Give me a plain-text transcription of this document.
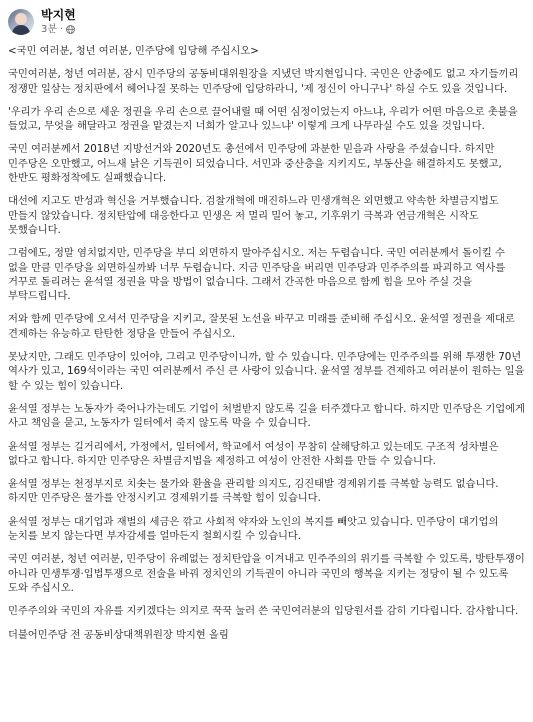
박지현
3분 ·

<국민 여러분, 청년 여러분, 민주당에 입당해 주십시오>

국민여러분, 청년 여러분, 잠시 민주당의 공동비대위원장을 지냈던 박지현입니다. 국민은 안중에도 없고 자기들끼리 정쟁만 일삼는 정치판에서 헤어나질 못하는 민주당에 입당하라니, '제 정신이 아니구나' 하실 수도 있을 것입니다.

'우리가 우리 손으로 세운 정권을 우리 손으로 끌어내릴 때 어떤 심정이었는지 아느냐, 우리가 어떤 마음으로 촛불을 들었고, 무엇을 해달라고 정권을 맡겼는지 너희가 알고나 있느냐' 이렇게 크게 나무라실 수도 있을 것입니다.

국민 여러분께서 2018년 지방선거와 2020년도 총선에서 민주당에 과분한 믿음과 사랑을 주셨습니다. 하지만 민주당은 오만했고, 어느새 낡은 기득권이 되었습니다. 서민과 중산층을 지키지도, 부동산을 해결하지도 못했고, 한반도 평화정착에도 실패했습니다.

대선에 지고도 반성과 혁신을 거부했습니다. 검찰개혁에 매진하느라 민생개혁은 외면했고 약속한 차별금지법도 만들지 않았습니다. 정치탄압에 대응한다고 민생은 저 멀리 밀어 놓고, 기후위기 극복과 연금개혁은 시작도 못했습니다.

그럼에도, 정말 염치없지만, 민주당을 부디 외면하지 말아주십시오. 저는 두렵습니다. 국민 여러분께서 돌이킬 수 없을 만큼 민주당을 외면하실까봐 너무 두렵습니다. 지금 민주당을 버리면 민주당과 민주주의를 파괴하고 역사를 거꾸로 돌리려는 윤석열 정권을 막을 방법이 없습니다. 그래서 간곡한 마음으로 함께 힘을 모아 주실 것을 부탁드립니다.

저와 함께 민주당에 오셔서 민주당을 지키고, 잘못된 노선을 바꾸고 미래를 준비해 주십시오. 윤석열 정권을 제대로 견제하는 유능하고 탄탄한 정당을 만들어 주십시오.

못났지만, 그래도 민주당이 있어야, 그리고 민주당이니까, 할 수 있습니다. 민주당에는 민주주의를 위해 투쟁한 70년 역사가 있고, 169석이라는 국민 여러분께서 주신 큰 사랑이 있습니다. 윤석열 정부를 견제하고 여러분이 원하는 일을 할 수 있는 힘이 있습니다.

윤석열 정부는 노동자가 죽어나가는데도 기업이 처벌받지 않도록 길을 터주겠다고 합니다. 하지만 민주당은 기업에게 사고 책임을 묻고, 노동자가 일터에서 죽지 않도록 막을 수 있습니다.

윤석열 정부는 길거리에서, 가정에서, 일터에서, 학교에서 여성이 무참히 살해당하고 있는데도 구조적 성차별은 없다고 합니다. 하지만 민주당은 차별금지법을 제정하고 여성이 안전한 사회를 만들 수 있습니다.

윤석열 정부는 천정부지로 치솟는 물가와 환율을 관리할 의지도, 김진태발 경제위기를 극복할 능력도 없습니다. 하지만 민주당은 물가를 안정시키고 경제위기를 극복할 힘이 있습니다.

윤석열 정부는 대기업과 재벌의 세금은 깎고 사회적 약자와 노인의 복지를 빼앗고 있습니다. 민주당이 대기업의 눈치를 보지 않는다면 부자감세를 얼마든지 철회시킬 수 있습니다.

국민 여러분, 청년 여러분, 민주당이 유례없는 정치탄압을 이겨내고 민주주의의 위기를 극복할 수 있도록, 방탄투쟁이 아니라 민생투쟁·입법투쟁으로 전술을 바꿔 정치인의 기득권이 아니라 국민의 행복을 지키는 정당이 될 수 있도록 도와 주십시오.

민주주의와 국민의 자유를 지키겠다는 의지로 꾹꾹 눌러 쓴 국민여러분의 입당원서를 감히 기다립니다. 감사합니다.

더불어민주당 전 공동비상대책위원장 박지현 올림
